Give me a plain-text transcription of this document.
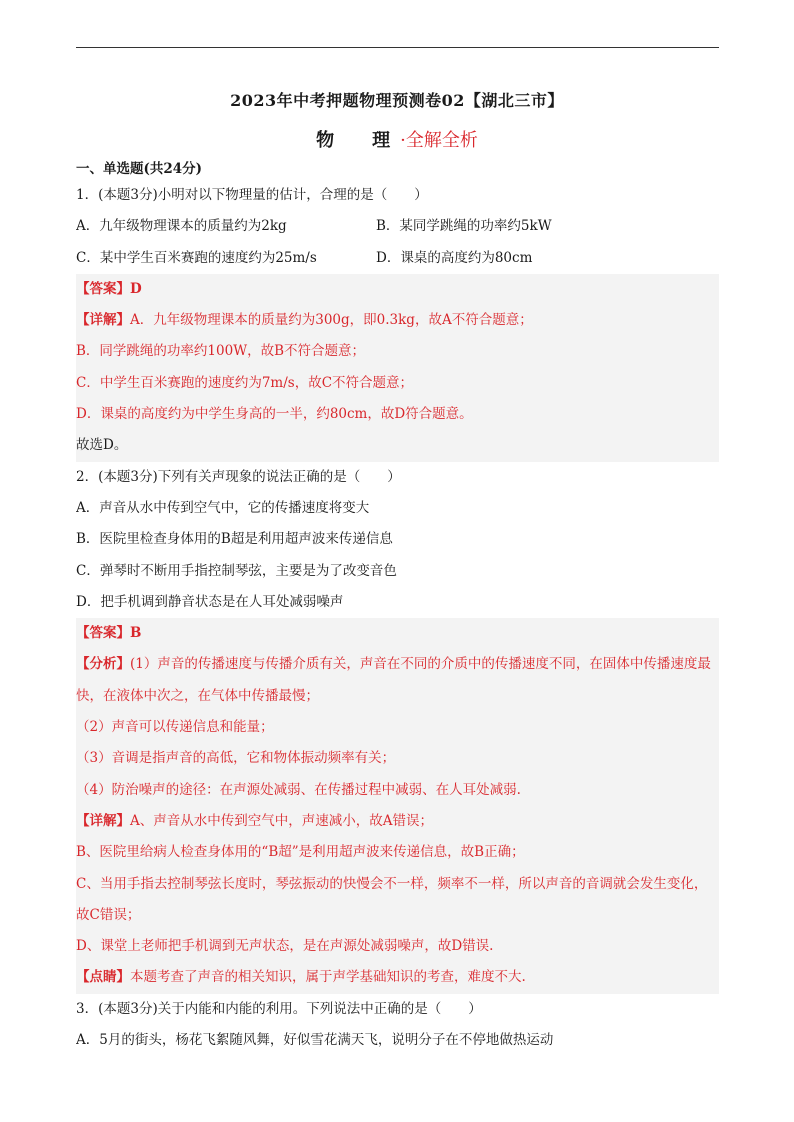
2023年中考押题物理预测卷02【湖北三市】
物　理·全解全析
一、单选题(共24分)
1．(本题3分)小明对以下物理量的估计，合理的是（　　）
A．九年级物理课本的质量约为2kg	B．某同学跳绳的功率约5kW
C．某中学生百米赛跑的速度约为25m/s	D．课桌的高度约为80cm
【答案】D
【详解】A．九年级物理课本的质量约为300g，即0.3kg，故A不符合题意；
B．同学跳绳的功率约100W，故B不符合题意；
C．中学生百米赛跑的速度约为7m/s，故C不符合题意；
D．课桌的高度约为中学生身高的一半，约80cm，故D符合题意。
故选D。
2．(本题3分)下列有关声现象的说法正确的是（　　）
A．声音从水中传到空气中，它的传播速度将变大
B．医院里检查身体用的B超是利用超声波来传递信息
C．弹琴时不断用手指控制琴弦，主要是为了改变音色
D．把手机调到静音状态是在人耳处减弱噪声
【答案】B
【分析】(1）声音的传播速度与传播介质有关，声音在不同的介质中的传播速度不同，在固体中传播速度最快，在液体中次之，在气体中传播最慢；
（2）声音可以传递信息和能量；
（3）音调是指声音的高低，它和物体振动频率有关；
（4）防治噪声的途径：在声源处减弱、在传播过程中减弱、在人耳处减弱.
【详解】A、声音从水中传到空气中，声速减小，故A错误；
B、医院里给病人检查身体用的“B超”是利用超声波来传递信息，故B正确；
C、当用手指去控制琴弦长度时，琴弦振动的快慢会不一样，频率不一样，所以声音的音调就会发生变化，故C错误；
D、课堂上老师把手机调到无声状态，是在声源处减弱噪声，故D错误.
【点睛】本题考查了声音的相关知识，属于声学基础知识的考查，难度不大.
3．(本题3分)关于内能和内能的利用。下列说法中正确的是（　　）
A．5月的街头，杨花飞絮随风舞，好似雪花满天飞，说明分子在不停地做热运动
